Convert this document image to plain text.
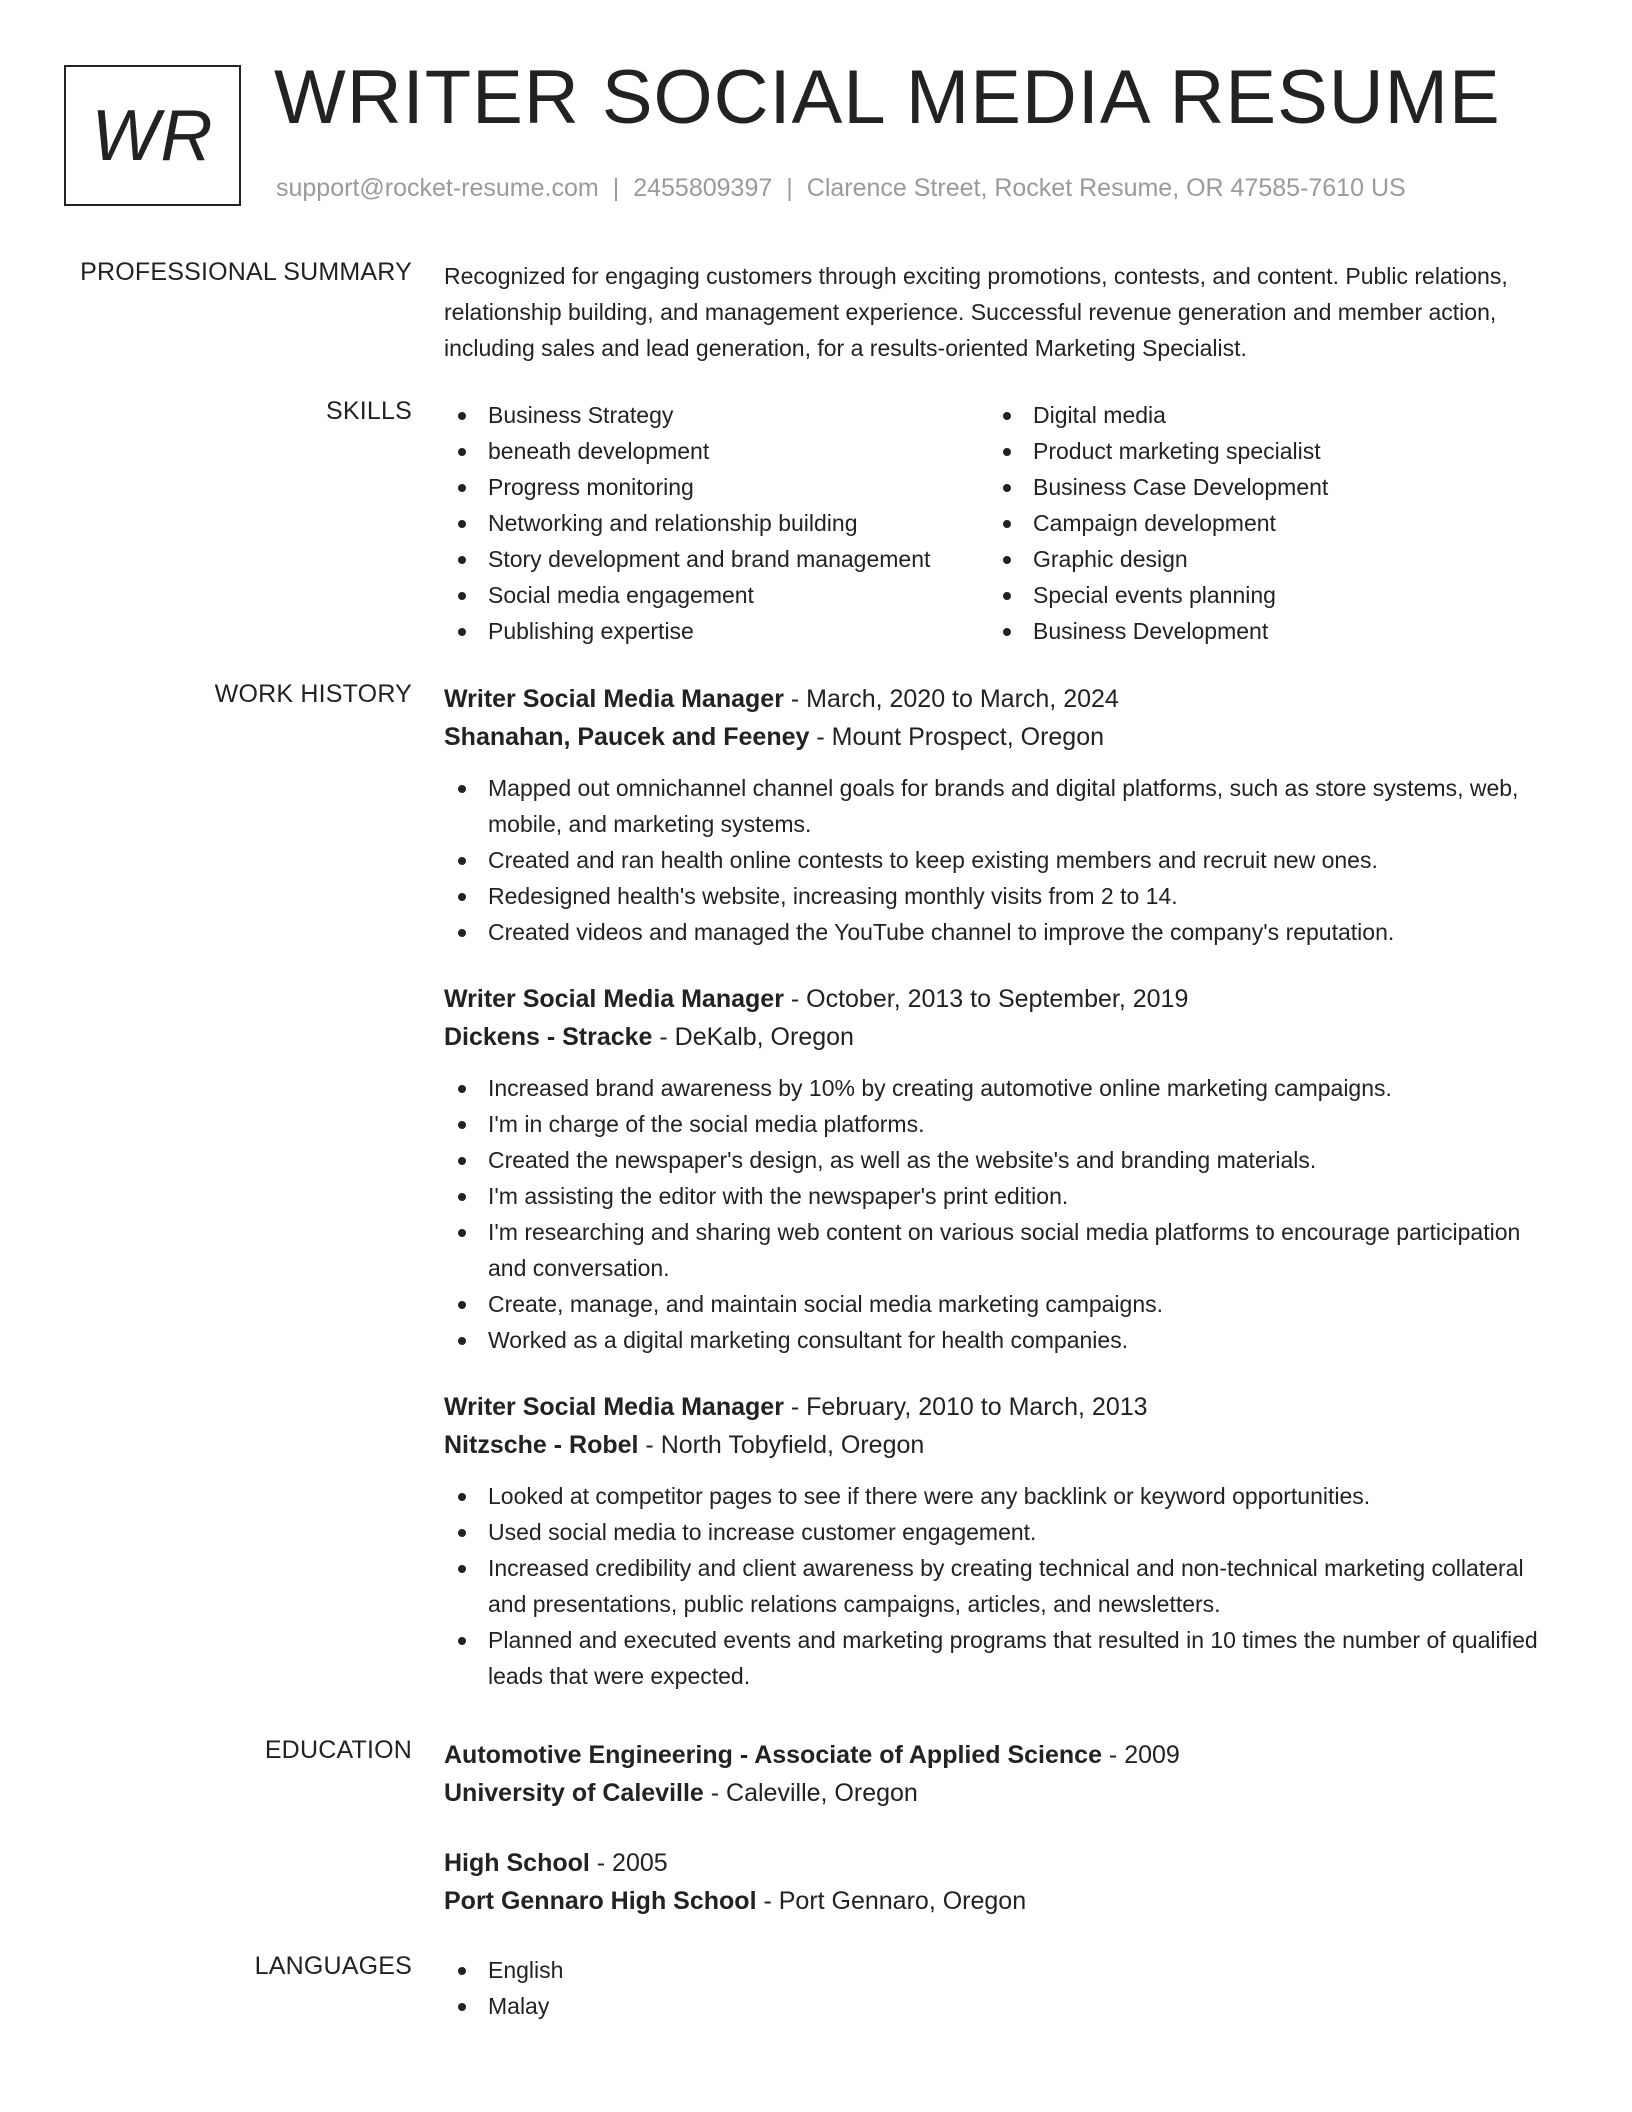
WR WRITER SOCIAL MEDIA RESUME
support@rocket-resume.com | 2455809397 | Clarence Street, Rocket Resume, OR 47585-7610 US
PROFESSIONAL SUMMARY Recognized for engaging customers through exciting promotions, contests, and content. Public relations, relationship building, and management experience. Successful revenue generation and member action, including sales and lead generation, for a results-oriented Marketing Specialist.
SKILLS	Business Strategy
beneath development
Progress monitoring
Networking and relationship building
Story development and brand management
Social media engagement
Publishing expertise
Digital media
Product marketing specialist
Business Case Development
Campaign development
Graphic design
Special events planning
Business Development
WORK HISTORY Writer Social Media Manager - March, 2020 to March, 2024
Shanahan, Paucek and Feeney - Mount Prospect, Oregon
Mapped out omnichannel channel goals for brands and digital platforms, such as store systems, web, mobile, and marketing systems.
Created and ran health online contests to keep existing members and recruit new ones.
Redesigned health's website, increasing monthly visits from 2 to 14.
Created videos and managed the YouTube channel to improve the company's reputation.
Writer Social Media Manager - October, 2013 to September, 2019
Dickens - Stracke - DeKalb, Oregon
Increased brand awareness by 10% by creating automotive online marketing campaigns.
I'm in charge of the social media platforms.
Created the newspaper's design, as well as the website's and branding materials.
I'm assisting the editor with the newspaper's print edition.
I'm researching and sharing web content on various social media platforms to encourage participation and conversation.
Create, manage, and maintain social media marketing campaigns.
Worked as a digital marketing consultant for health companies.
Writer Social Media Manager - February, 2010 to March, 2013
Nitzsche - Robel - North Tobyfield, Oregon
Looked at competitor pages to see if there were any backlink or keyword opportunities.
Used social media to increase customer engagement.
Increased credibility and client awareness by creating technical and non-technical marketing collateral and presentations, public relations campaigns, articles, and newsletters.
Planned and executed events and marketing programs that resulted in 10 times the number of qualified leads that were expected.
EDUCATION Automotive Engineering - Associate of Applied Science - 2009
University of Caleville - Caleville, Oregon
High School - 2005
Port Gennaro High School - Port Gennaro, Oregon
LANGUAGES	English
Malay
